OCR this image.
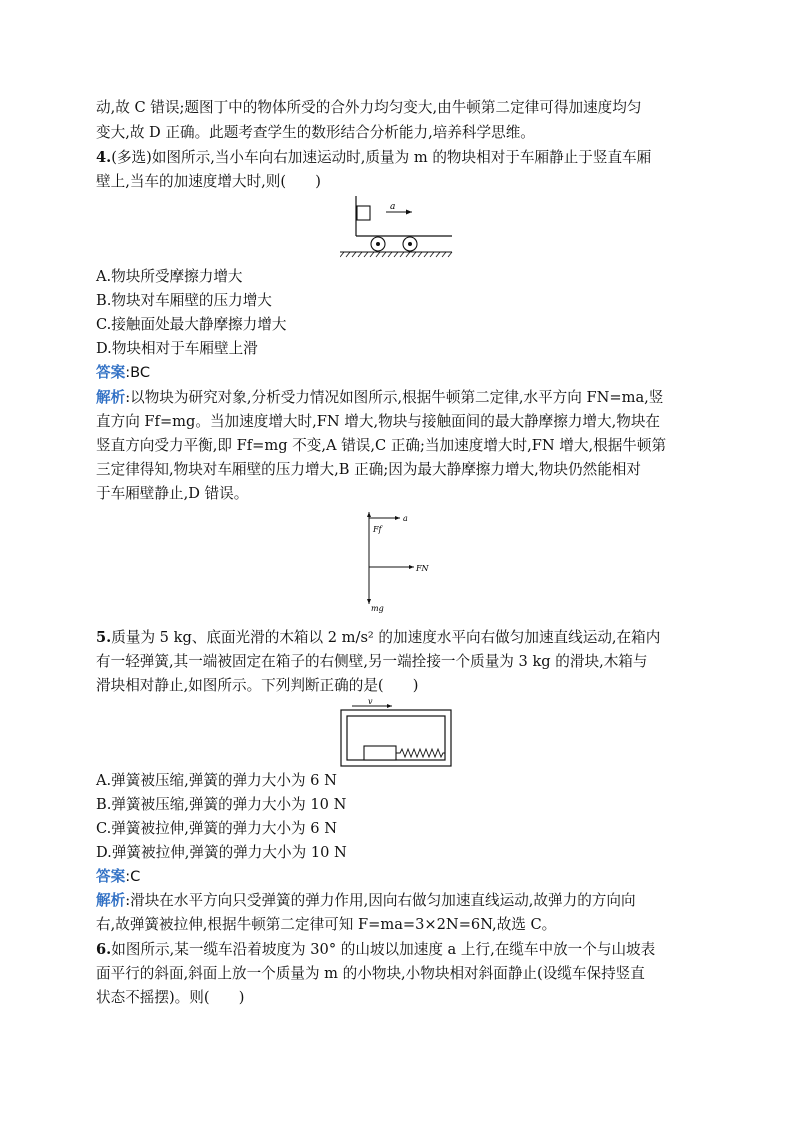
动,故 C 错误;题图丁中的物体所受的合外力均匀变大,由牛顿第二定律可得加速度均匀
变大,故 D 正确。此题考查学生的数形结合分析能力,培养科学思维。
4.(多选)如图所示,当小车向右加速运动时,质量为 m 的物块相对于车厢静止于竖直车厢
壁上,当车的加速度增大时,则(　　)
a
A.物块所受摩擦力增大
B.物块对车厢壁的压力增大
C.接触面处最大静摩擦力增大
D.物块相对于车厢壁上滑
答案:BC
解析:以物块为研究对象,分析受力情况如图所示,根据牛顿第二定律,水平方向 FN=ma,竖
直方向 Ff=mg。当加速度增大时,FN 增大,物块与接触面间的最大静摩擦力增大,物块在
竖直方向受力平衡,即 Ff=mg 不变,A 错误,C 正确;当加速度增大时,FN 增大,根据牛顿第
三定律得知,物块对车厢壁的压力增大,B 正确;因为最大静摩擦力增大,物块仍然能相对
于车厢壁静止,D 错误。
a
Ff
FN
mg
5.质量为 5 kg、底面光滑的木箱以 2 m/s² 的加速度水平向右做匀加速直线运动,在箱内
有一轻弹簧,其一端被固定在箱子的右侧壁,另一端拴接一个质量为 3 kg 的滑块,木箱与
滑块相对静止,如图所示。下列判断正确的是(　　)
v
A.弹簧被压缩,弹簧的弹力大小为 6 N
B.弹簧被压缩,弹簧的弹力大小为 10 N
C.弹簧被拉伸,弹簧的弹力大小为 6 N
D.弹簧被拉伸,弹簧的弹力大小为 10 N
答案:C
解析:滑块在水平方向只受弹簧的弹力作用,因向右做匀加速直线运动,故弹力的方向向
右,故弹簧被拉伸,根据牛顿第二定律可知 F=ma=3×2N=6N,故选 C。
6.如图所示,某一缆车沿着坡度为 30° 的山坡以加速度 a 上行,在缆车中放一个与山坡表
面平行的斜面,斜面上放一个质量为 m 的小物块,小物块相对斜面静止(设缆车保持竖直
状态不摇摆)。则(　　)
